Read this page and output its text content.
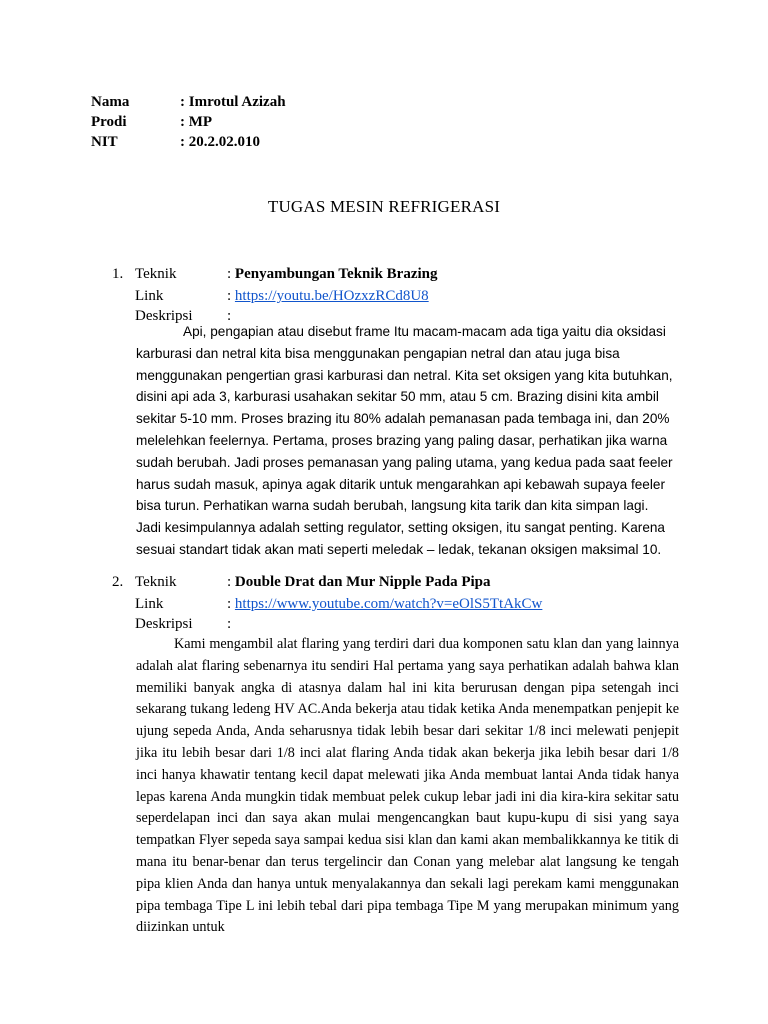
Nama	: Imrotul Azizah
Prodi	: MP
NIT	: 20.2.02.010
TUGAS MESIN REFRIGERASI
1. Teknik	: Penyambungan Teknik Brazing
Link	: https://youtu.be/HOzxzRCd8U8
Deskripsi :

Api, pengapian atau disebut frame Itu macam-macam ada tiga yaitu dia oksidasi karburasi dan netral kita bisa menggunakan pengapian netral dan atau juga bisa menggunakan pengertian grasi karburasi dan netral. Kita set oksigen yang kita butuhkan, disini api ada 3, karburasi usahakan sekitar 50 mm, atau 5 cm. Brazing disini kita ambil sekitar 5-10 mm. Proses brazing itu 80% adalah pemanasan pada tembaga ini, dan 20% melelehkan feelernya. Pertama, proses brazing yang paling dasar, perhatikan jika warna sudah berubah. Jadi proses pemanasan yang paling utama, yang kedua pada saat feeler harus sudah masuk, apinya agak ditarik untuk mengarahkan api kebawah supaya feeler bisa turun. Perhatikan warna sudah berubah, langsung kita tarik dan kita simpan lagi. Jadi kesimpulannya adalah setting regulator, setting oksigen, itu sangat penting. Karena sesuai standart tidak akan mati seperti meledak – ledak, tekanan oksigen maksimal 10.

2. Teknik	: Double Drat dan Mur Nipple Pada Pipa
Link	: https://www.youtube.com/watch?v=eOlS5TtAkCw
Deskripsi :

Kami mengambil alat flaring yang terdiri dari dua komponen satu klan dan yang lainnya adalah alat flaring sebenarnya itu sendiri Hal pertama yang saya perhatikan adalah bahwa klan memiliki banyak angka di atasnya dalam hal ini kita berurusan dengan pipa setengah inci sekarang tukang ledeng HV AC.Anda bekerja atau tidak ketika Anda menempatkan penjepit ke ujung sepeda Anda, Anda seharusnya tidak lebih besar dari sekitar 1/8 inci melewati penjepit jika itu lebih besar dari 1/8 inci alat flaring Anda tidak akan bekerja jika lebih besar dari 1/8 inci hanya khawatir tentang kecil dapat melewati jika Anda membuat lantai Anda tidak hanya lepas karena Anda mungkin tidak membuat pelek cukup lebar jadi ini dia kira-kira sekitar satu seperdelapan inci dan saya akan mulai mengencangkan baut kupu-kupu di sisi yang saya tempatkan Flyer sepeda saya sampai kedua sisi klan dan kami akan membalikkannya ke titik di mana itu benar-benar dan terus tergelincir dan Conan yang melebar alat langsung ke tengah pipa klien Anda dan hanya untuk menyalakannya dan sekali lagi perekam kami menggunakan pipa tembaga Tipe L ini lebih tebal dari pipa tembaga Tipe M yang merupakan minimum yang diizinkan untuk
